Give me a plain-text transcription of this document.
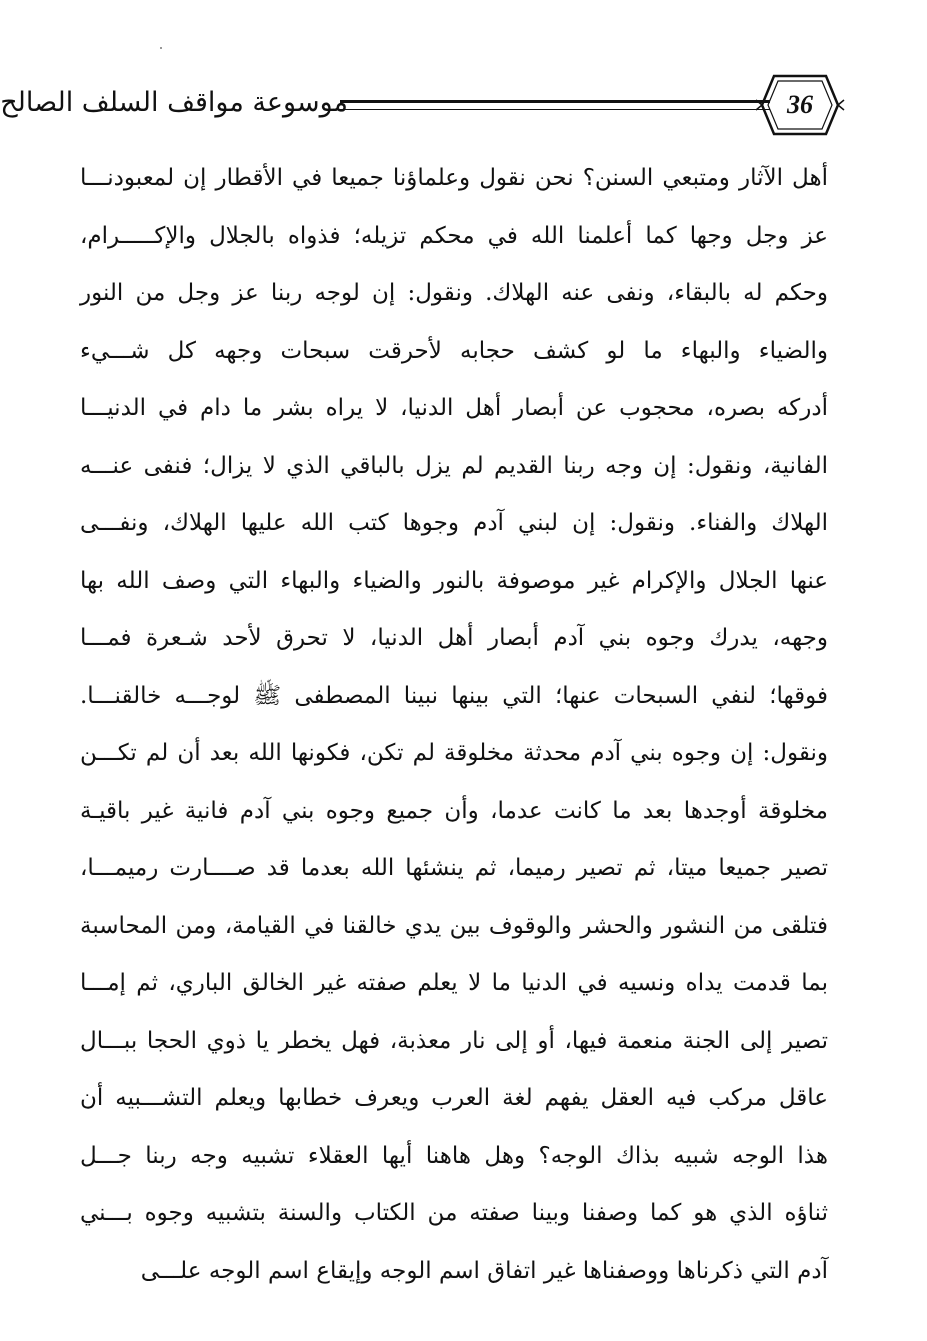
موسوعة مواقف السلف الصالح	36
أهل الآثار ومتبعي السنن؟ نحن نقول وعلماؤنا جميعا في الأقطار إن لمعبودنـــا
عز وجل وجها كما أعلمنا الله في محكم تزيله؛ فذواه بالجلال والإكـــــرام،
وحكم له بالبقاء، ونفى عنه الهلاك. ونقول: إن لوجه ربنا عز وجل من النور
والضياء والبهاء ما لو كشف حجابه لأحرقت سبحات وجهه كل شـــيء
أدركه بصره، محجوب عن أبصار أهل الدنيا، لا يراه بشر ما دام في الدنيـــا
الفانية، ونقول: إن وجه ربنا القديم لم يزل بالباقي الذي لا يزال؛ فنفى عنـــه
الهلاك والفناء. ونقول: إن لبني آدم وجوها كتب الله عليها الهلاك، ونفـــى
عنها الجلال والإكرام غير موصوفة بالنور والضياء والبهاء التي وصف الله بها
وجهه، يدرك وجوه بني آدم أبصار أهل الدنيا، لا تحرق لأحد شـعرة فمـــا
فوقها؛ لنفي السبحات عنها؛ التي بينها نبينا المصطفى ﷺ لوجـــه خالقنـــا.
ونقول: إن وجوه بني آدم محدثة مخلوقة لم تكن، فكونها الله بعد أن لم تكـــن
مخلوقة أوجدها بعد ما كانت عدما، وأن جميع وجوه بني آدم فانية غير باقيـة
تصير جميعا ميتا، ثم تصير رميما، ثم ينشئها الله بعدما قد صــــارت رميمـــا،
فتلقى من النشور والحشر والوقوف بين يدي خالقنا في القيامة، ومن المحاسبة
بما قدمت يداه ونسيه في الدنيا ما لا يعلم صفته غير الخالق الباري، ثم إمـــا
تصير إلى الجنة منعمة فيها، أو إلى نار معذبة، فهل يخطر يا ذوي الحجا ببـــال
عاقل مركب فيه العقل يفهم لغة العرب ويعرف خطابها ويعلم التشـــبيه أن
هذا الوجه شبيه بذاك الوجه؟ وهل هاهنا أيها العقلاء تشبيه وجه ربنا جـــل
ثناؤه الذي هو كما وصفنا وبينا صفته من الكتاب والسنة بتشبيه وجوه بـــني
آدم التي ذكرناها ووصفناها غير اتفاق اسم الوجه وإيقاع اسم الوجه علـــى
